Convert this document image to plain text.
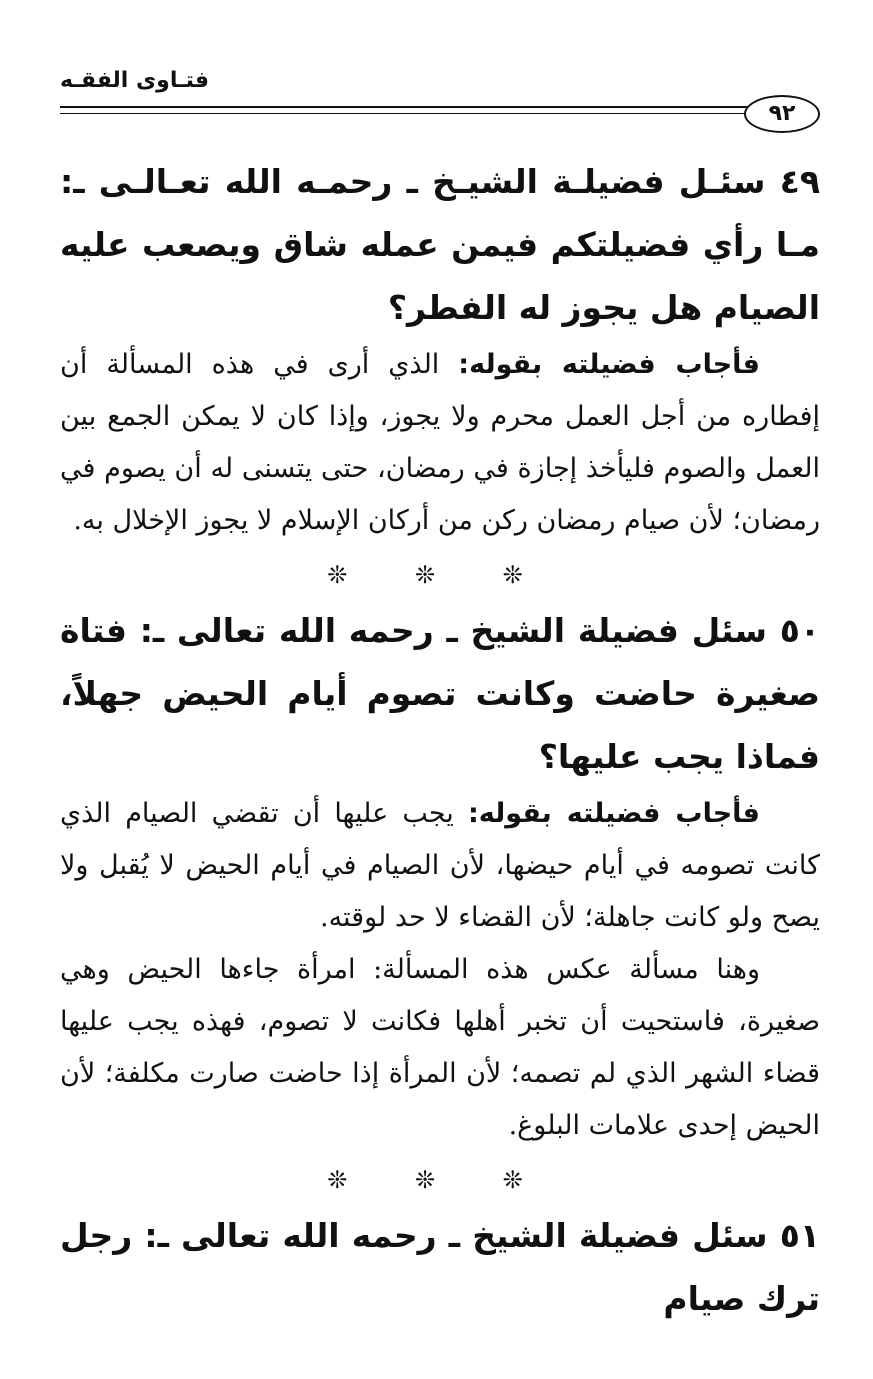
فتـاوى الفقـه
٩٢

٤٩ سئـل فضيلـة الشيـخ ـ رحمـه الله تعـالـى ـ: مـا رأي فضيلتكم فيمن عمله شاق ويصعب عليه الصيام هل يجوز له الفطر؟

فأجاب فضيلته بقوله: الذي أرى في هذه المسألة أن إفطاره من أجل العمل محرم ولا يجوز، وإذا كان لا يمكن الجمع بين العمل والصوم فليأخذ إجازة في رمضان، حتى يتسنى له أن يصوم في رمضان؛ لأن صيام رمضان ركن من أركان الإسلام لا يجوز الإخلال به.

❊ ❊ ❊

٥٠ سئل فضيلة الشيخ ـ رحمه الله تعالى ـ: فتاة صغيرة حاضت وكانت تصوم أيام الحيض جهلاً، فماذا يجب عليها؟

فأجاب فضيلته بقوله: يجب عليها أن تقضي الصيام الذي كانت تصومه في أيام حيضها، لأن الصيام في أيام الحيض لا يُقبل ولا يصح ولو كانت جاهلة؛ لأن القضاء لا حد لوقته.

وهنا مسألة عكس هذه المسألة: امرأة جاءها الحيض وهي صغيرة، فاستحيت أن تخبر أهلها فكانت لا تصوم، فهذه يجب عليها قضاء الشهر الذي لم تصمه؛ لأن المرأة إذا حاضت صارت مكلفة؛ لأن الحيض إحدى علامات البلوغ.

❊ ❊ ❊

٥١ سئل فضيلة الشيخ ـ رحمه الله تعالى ـ: رجل ترك صيام
